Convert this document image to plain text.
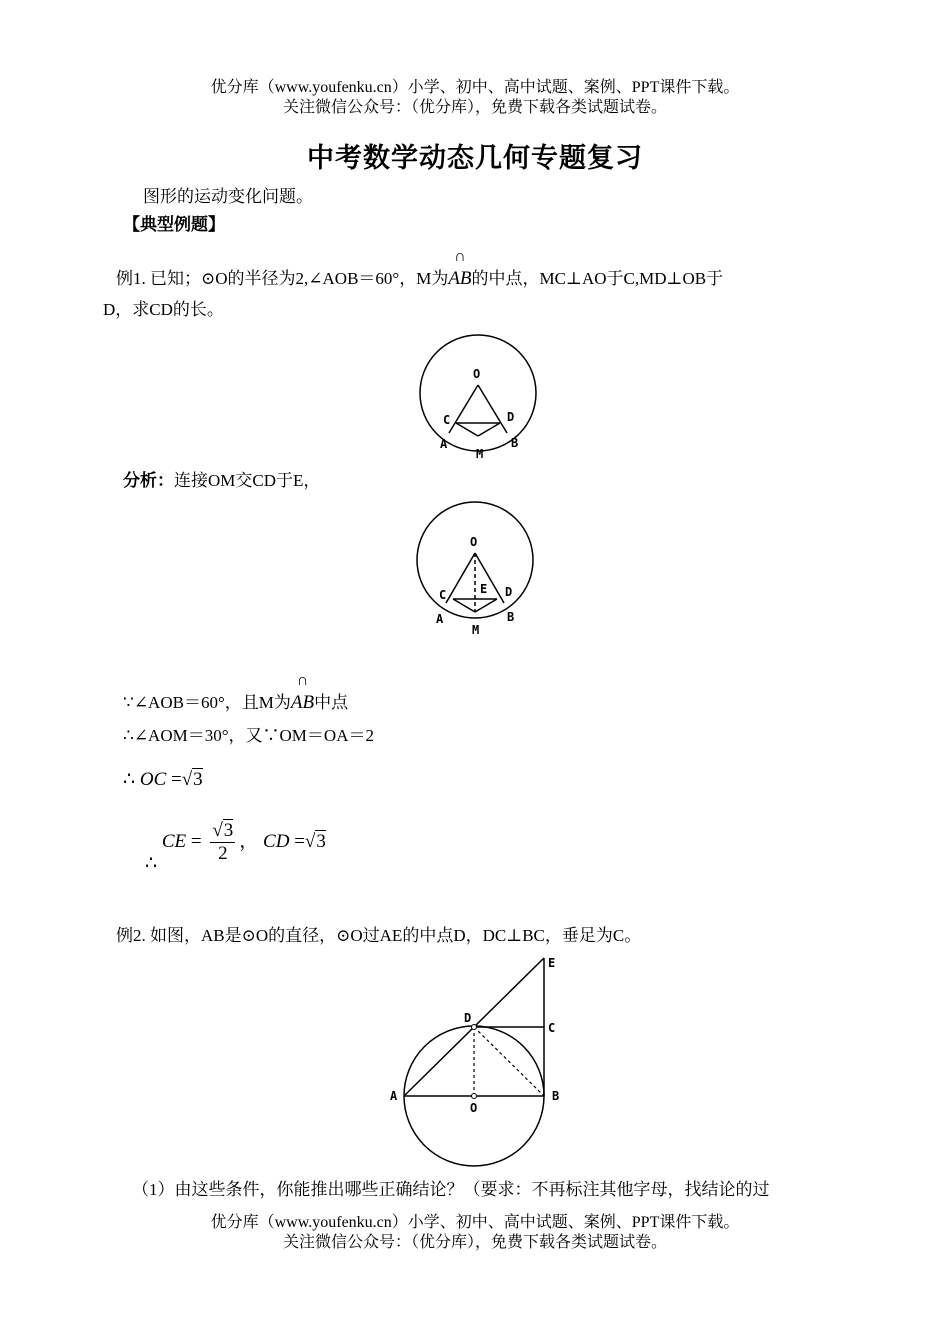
优分库（www.youfenku.cn）小学、初中、高中试题、案例、PPT课件下载。
关注微信公众号：（优分库），免费下载各类试题试卷。
中考数学动态几何专题复习
图形的运动变化问题。
【典型例题】
例1. 已知；⊙O的半径为2,∠AOB＝60°，M为
∩
AB的中点，MC⊥AO于C,MD⊥OB于
D，求CD的长。
O
C	D
A	B
M
分析：连接OM交CD于E，
O
E
C	D
A	B
M
∵∠AOB＝60°，且M为
∩
AB中点
∴∠AOM＝30°，又∵OM＝OA＝2
∴ OC =√3
∴ CE = $\frac{√3}{2}$ ， CD =√3
例2. 如图，AB是⊙O的直径，⊙O过AE的中点D，DC⊥BC，垂足为C。
E
D
C
A	B
O
（1）由这些条件，你能推出哪些正确结论？（要求：不再标注其他字母，找结论的过
优分库（www.youfenku.cn）小学、初中、高中试题、案例、PPT课件下载。
关注微信公众号：（优分库），免费下载各类试题试卷。
